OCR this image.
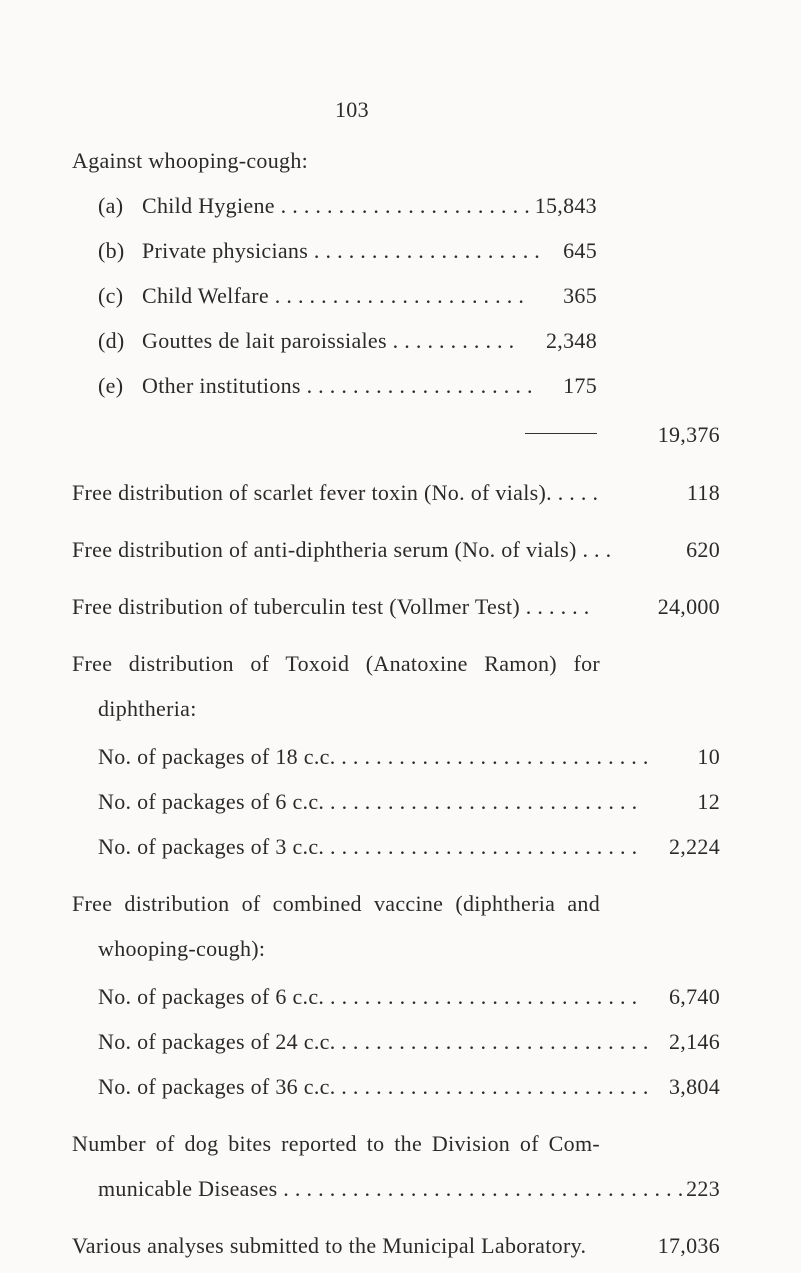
103
Against whooping-cough:
(a) Child Hygiene . . . . . . . . . . . . . . . . . . . . . . 15,843
(b) Private physicians . . . . . . . . . . . . . . . . . . . .	645
(c) Child Welfare . . . . . . . . . . . . . . . . . . . . . .	365
(d) Gouttes de lait paroissiales . . . . . . . . . . .	2,348
(e) Other institutions . . . . . . . . . . . . . . . . . . . .	175
19,376
Free distribution of scarlet fever toxin (No. of vials). . . . .	118
Free distribution of anti-diphtheria serum (No. of vials) . . .	620
Free distribution of tuberculin test (Vollmer Test) . . . . . .	24,000
Free distribution of Toxoid (Anatoxine Ramon) for
diphtheria:
No. of packages of 18 c.c. . . . . . . . . . . . . . . . . . . . . . . . . . . .	10
No. of packages of 6 c.c. . . . . . . . . . . . . . . . . . . . . . . . . . . .	12
No. of packages of 3 c.c. . . . . . . . . . . . . . . . . . . . . . . . . . . .	2,224
Free distribution of combined vaccine (diphtheria and
whooping-cough):
No. of packages of 6 c.c. . . . . . . . . . . . . . . . . . . . . . . . . . . .	6,740
No. of packages of 24 c.c. . . . . . . . . . . . . . . . . . . . . . . . . . . . 2,146
No. of packages of 36 c.c. . . . . . . . . . . . . . . . . . . . . . . . . . . . 3,804
Number of dog bites reported to the Division of Com-
municable Diseases . . . . . . . . . . . . . . . . . . . . . . . . . . . . . . . . . . . 223
Various analyses submitted to the Municipal Laboratory.	17,036
